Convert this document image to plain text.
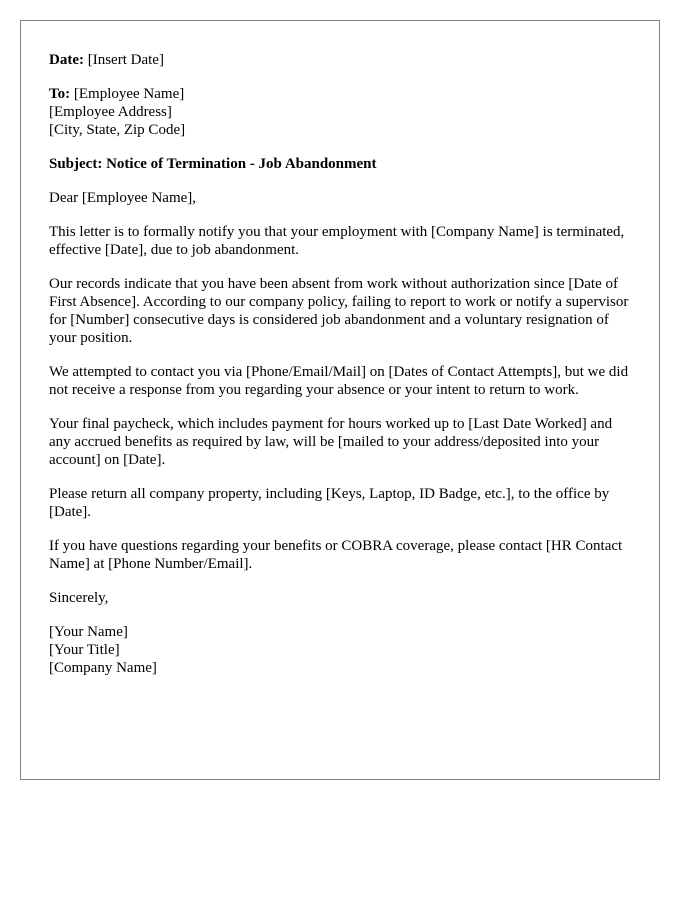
Date: [Insert Date]
To: [Employee Name]
[Employee Address]
[City, State, Zip Code]
Subject: Notice of Termination - Job Abandonment

Dear [Employee Name],

This letter is to formally notify you that your employment with [Company Name] is terminated, effective [Date], due to job abandonment.

Our records indicate that you have been absent from work without authorization since [Date of First Absence]. According to our company policy, failing to report to work or notify a supervisor for [Number] consecutive days is considered job abandonment and a voluntary resignation of your position.

We attempted to contact you via [Phone/Email/Mail] on [Dates of Contact Attempts], but we did not receive a response from you regarding your absence or your intent to return to work.

Your final paycheck, which includes payment for hours worked up to [Last Date Worked] and any accrued benefits as required by law, will be [mailed to your address/deposited into your account] on [Date].

Please return all company property, including [Keys, Laptop, ID Badge, etc.], to the office by [Date].

If you have questions regarding your benefits or COBRA coverage, please contact [HR Contact Name] at [Phone Number/Email].

Sincerely,

[Your Name]
[Your Title]
[Company Name]
